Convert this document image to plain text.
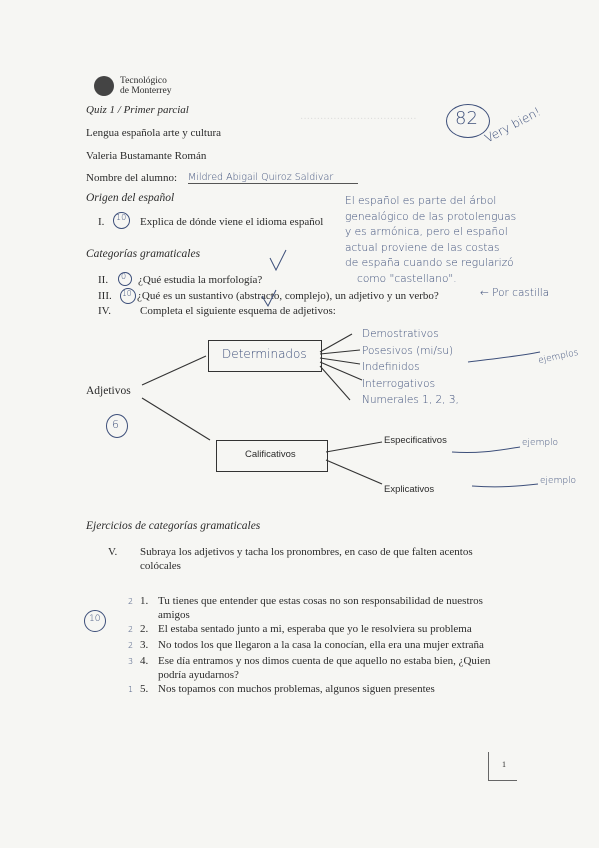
···································
Tecnológico
de Monterrey
Quiz 1 / Primer parcial
Lengua española arte y cultura
Valeria Bustamante Román
Nombre del alumno: Mildred Abigail Quiroz Saldivar
82 Very bien!
Origen del español
I. 10 Explica de dónde viene el idioma español
El español es parte del árbol
genealógico de las protolenguas
y es armónica, pero el español
actual proviene de las costas
de españa cuando se regularizó
como "castellano".
← Por castilla
Categorías gramaticales
II. 0 ¿Qué estudia la morfología?
III. 10 ¿Qué es un sustantivo (abstracto, complejo), un adjetivo y un verbo?
IV.	Completa el siguiente esquema de adjetivos:
Adjetivos
6
Determinados
Demostrativos
Posesivos (mi/su)
Indefinidos
Interrogativos
Numerales 1, 2, 3,
ejemplos
Calificativos
Especificativos
Explicativos
ejemplo
ejemplo
Ejercicios de categorías gramaticales
V. Subraya los adjetivos y tacha los pronombres, en caso de que falten acentos
colócales
10
2 1. Tu tienes que entender que estas cosas no son responsabilidad de nuestros
amigos
2 2. El estaba sentado junto a mi, esperaba que yo le resolviera su problema
2 3. No todos los que llegaron a la casa la conocían, ella era una mujer extraña
3 4. Ese día entramos y nos dimos cuenta de que aquello no estaba bien, ¿Quien
podría ayudarnos?
1 5. Nos topamos con muchos problemas, algunos siguen presentes
1
